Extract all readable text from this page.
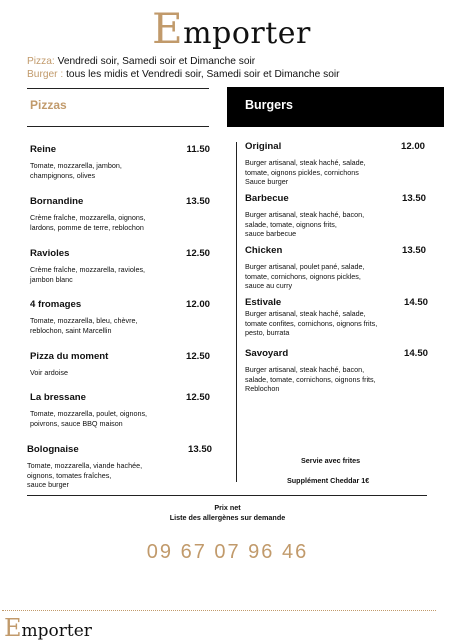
Emporter
Pizza: Vendredi soir, Samedi soir et Dimanche soir
Burger : tous les midis et Vendredi soir, Samedi soir et Dimanche soir
Pizzas	Burgers
Reine	11.50
Tomate, mozzarella, jambon,
champignons, olives
Bornandine	13.50
Crème fraîche, mozzarella, oignons,
lardons, pomme de terre, reblochon
Ravioles	12.50
Crème fraîche, mozzarella, ravioles,
jambon blanc
4 fromages	12.00
Tomate, mozzarella, bleu, chèvre,
reblochon, saint Marcellin
Pizza du moment	12.50
Voir ardoise
La bressane	12.50
Tomate, mozzarella, poulet, oignons,
poivrons, sauce BBQ maison
Bolognaise	13.50
Tomate, mozzarella, viande hachée,
oignons, tomates fraîches,
sauce burger
Original	12.00
Burger artisanal, steak haché, salade,
tomate, oignons pickles, cornichons
Sauce burger
Barbecue	13.50
Burger artisanal, steak haché, bacon,
salade, tomate, oignons frits,
sauce barbecue
Chicken	13.50
Burger artisanal, poulet pané, salade,
tomate, cornichons, oignons pickles,
sauce au curry
Estivale	14.50
Burger artisanal, steak haché, salade,
tomate confites, cornichons, oignons frits,
pesto, burrata
Savoyard	14.50
Burger artisanal, steak haché, bacon,
salade, tomate, cornichons, oignons frits,
Reblochon
Servie avec frites
Supplément Cheddar 1€
Prix net
Liste des allergènes sur demande
09 67 07 96 46
Emporter
